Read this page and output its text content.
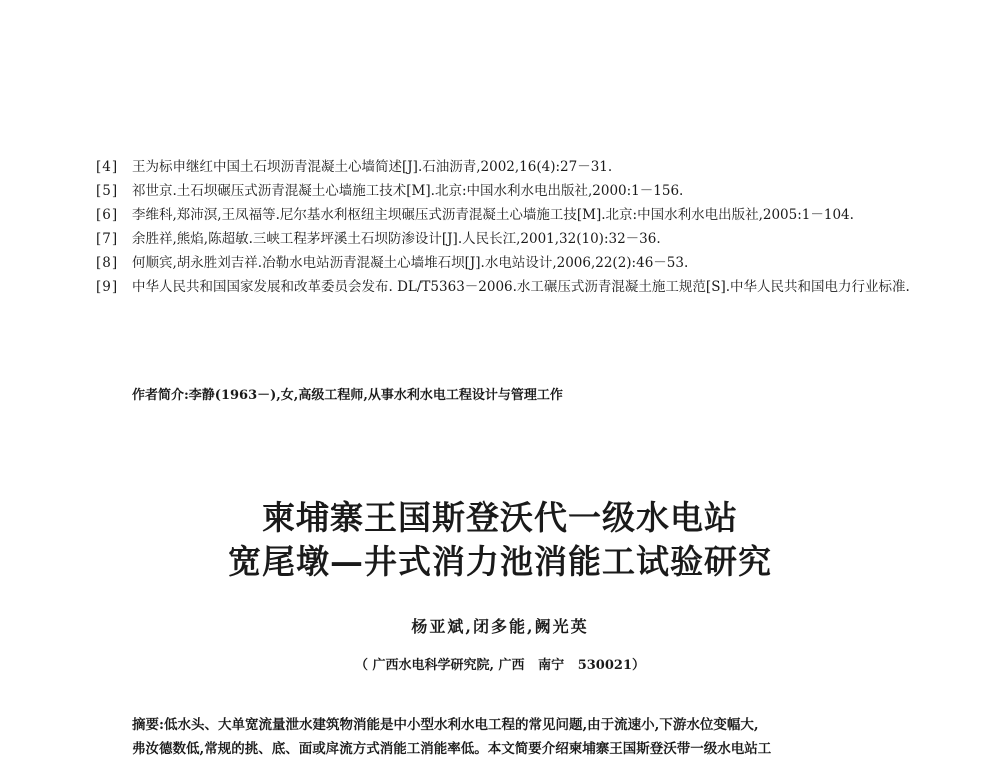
[4]	王为标申继红中国土石坝沥青混凝土心墙简述[J].石油沥青,2002,16(4):27－31.
[5]	祁世京.土石坝碾压式沥青混凝土心墙施工技术[M].北京:中国水利水电出版社,2000:1－156.
[6]	李维科,郑沛溟,王凤福等.尼尔基水利枢纽主坝碾压式沥青混凝土心墙施工技[M].北京:中国水利水电出版社,2005:1－104.
[7]	余胜祥,熊焰,陈超敏.三峡工程茅坪溪土石坝防渗设计[J].人民长江,2001,32(10):32－36.
[8]	何顺宾,胡永胜刘吉祥.冶勒水电站沥青混凝土心墙堆石坝[J].水电站设计,2006,22(2):46－53.
[9]	中华人民共和国国家发展和改革委员会发布. DL/T5363－2006.水工碾压式沥青混凝土施工规范[S].中华人民共和国电力行业标准.
作者简介:李静(1963－),女,高级工程师,从事水利水电工程设计与管理工作
柬埔寨王国斯登沃代一级水电站
宽尾墩—井式消力池消能工试验研究
杨亚斌,闭多能,阙光英
（ 广西水电科学研究院, 广西   南宁   530021）
摘要:低水头、大单宽流量泄水建筑物消能是中小型水利水电工程的常见问题,由于流速小,下游水位变幅大,
弗汝德数低,常规的挑、底、面或戽流方式消能工消能率低。本文简要介绍柬埔寨王国斯登沃带一级水电站工
